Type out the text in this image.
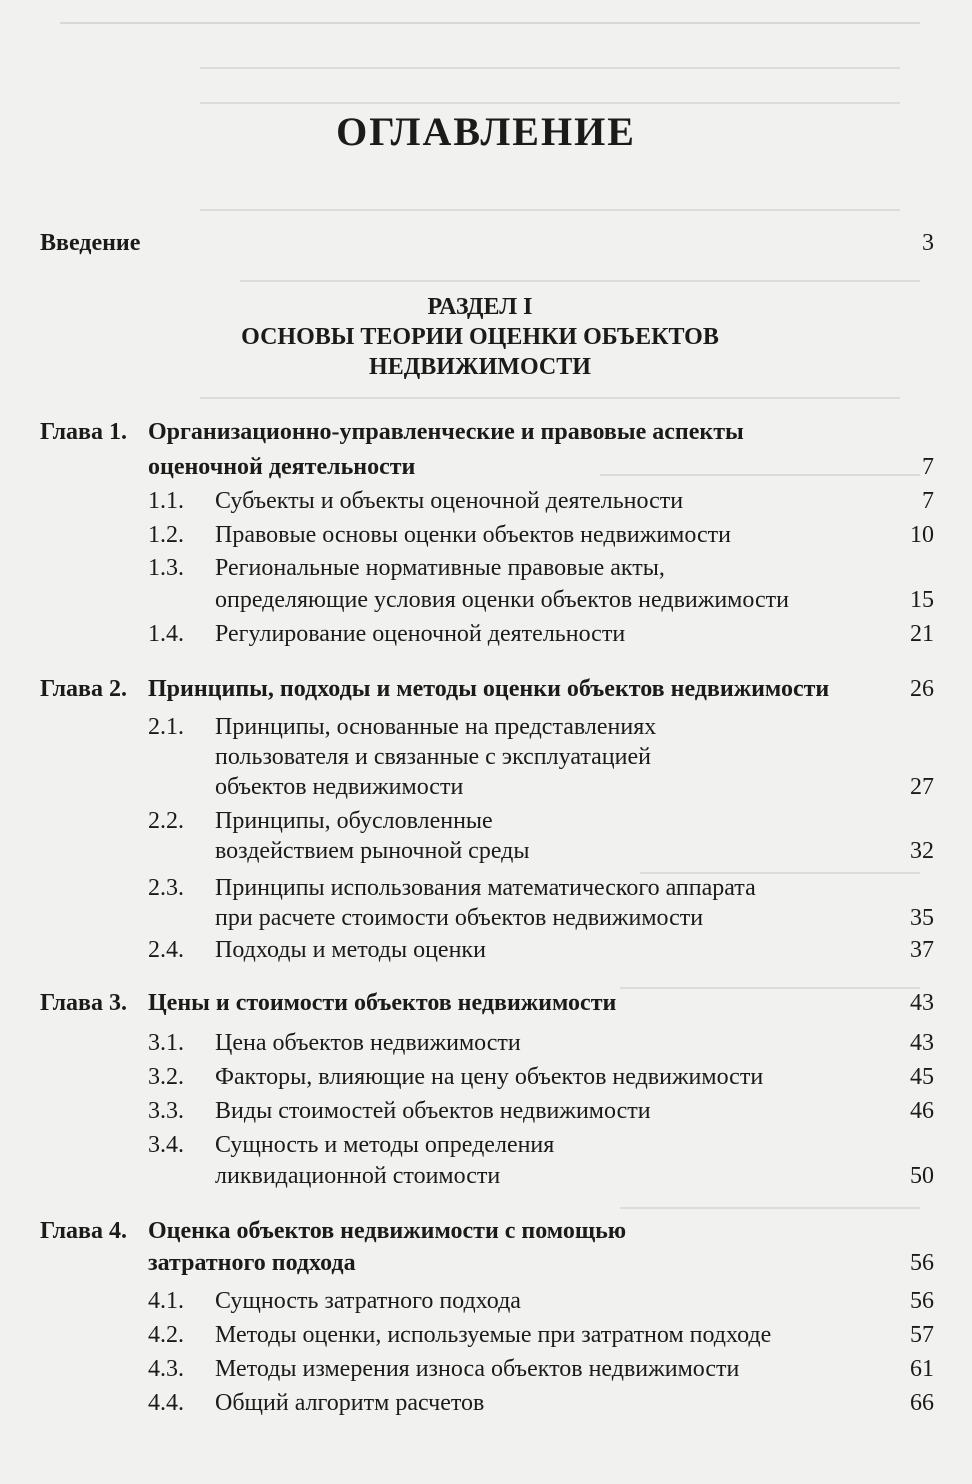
ОГЛАВЛЕНИЕ
Введение . . .	3
РАЗДЕЛ I
ОСНОВЫ ТЕОРИИ ОЦЕНКИ ОБЪЕКТОВ
НЕДВИЖИМОСТИ
Глава 1. Организационно-управленческие и правовые аспекты
оценочной деятельности . . .	7
1.1. Субъекты и объекты оценочной деятельности . . .	7
1.2. Правовые основы оценки объектов недвижимости . . .	10
1.3. Региональные нормативные правовые акты,
определяющие условия оценки объектов недвижимости . . .	15
1.4. Регулирование оценочной деятельности . . .	21
Глава 2. Принципы, подходы и методы оценки объектов недвижимости . . .	26
2.1. Принципы, основанные на представлениях
пользователя и связанные с эксплуатацией
объектов недвижимости . . .	27
2.2. Принципы, обусловленные
воздействием рыночной среды . . .	32
2.3. Принципы использования математического аппарата
при расчете стоимости объектов недвижимости . . .	35
2.4. Подходы и методы оценки . . .	37
Глава 3. Цены и стоимости объектов недвижимости . . .	43
3.1. Цена объектов недвижимости . . .	43
3.2. Факторы, влияющие на цену объектов недвижимости . . .	45
3.3. Виды стоимостей объектов недвижимости . . .	46
3.4. Сущность и методы определения
ликвидационной стоимости . . .	50
Глава 4. Оценка объектов недвижимости с помощью
затратного подхода . . .	56
4.1. Сущность затратного подхода . . .	56
4.2. Методы оценки, используемые при затратном подходе . . .	57
4.3. Методы измерения износа объектов недвижимости . . .	61
4.4. Общий алгоритм расчетов . . .	66
